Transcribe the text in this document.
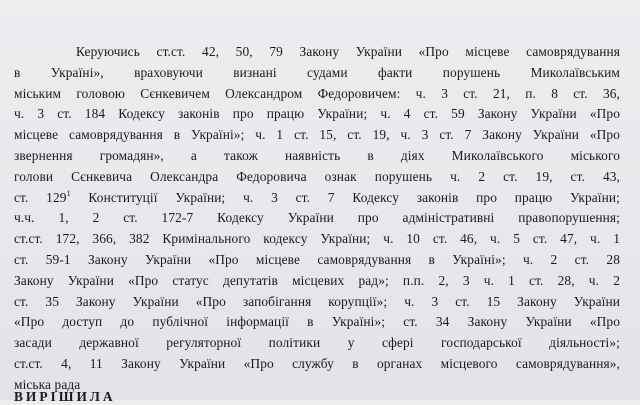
Керуючись ст.ст. 42, 50, 79 Закону України «Про місцеве самоврядування
в Україні», враховуючи визнані судами факти порушень Миколаївським
міським головою Сєнкевичем Олександром Федоровичем: ч. 3 ст. 21, п. 8 ст. 36,
ч. 3 ст. 184 Кодексу законів про працю України; ч. 4 ст. 59 Закону України «Про
місцеве самоврядування в Україні»; ч. 1 ст. 15, ст. 19, ч. 3 ст. 7 Закону України «Про
звернення громадян», а також наявність в діях Миколаївського міського
голови Сєнкевича Олександра Федоровича ознак порушень ч. 2 ст. 19, ст. 43,
ст. $129^1$ Конституції України; ч. 3 ст. 7 Кодексу законів про працю України;
ч.ч. 1, 2 ст. 172-7 Кодексу України про адміністративні правопорушення;
ст.ст. 172, 366, 382 Кримінального кодексу України; ч. 10 ст. 46, ч. 5 ст. 47, ч. 1
ст. 59-1 Закону України «Про місцеве самоврядування в Україні»; ч. 2 ст. 28
Закону України «Про статус депутатів місцевих рад»; п.п. 2, 3 ч. 1 ст. 28, ч. 2
ст. 35 Закону України «Про запобігання корупції»; ч. 3 ст. 15 Закону України
«Про доступ до публічної інформації в Україні»; ст. 34 Закону України «Про
засади державної регуляторної політики у сфері господарської діяльності»;
ст.ст. 4, 11 Закону України «Про службу в органах місцевого самоврядування»,
міська рада
ВИРІШИЛА
